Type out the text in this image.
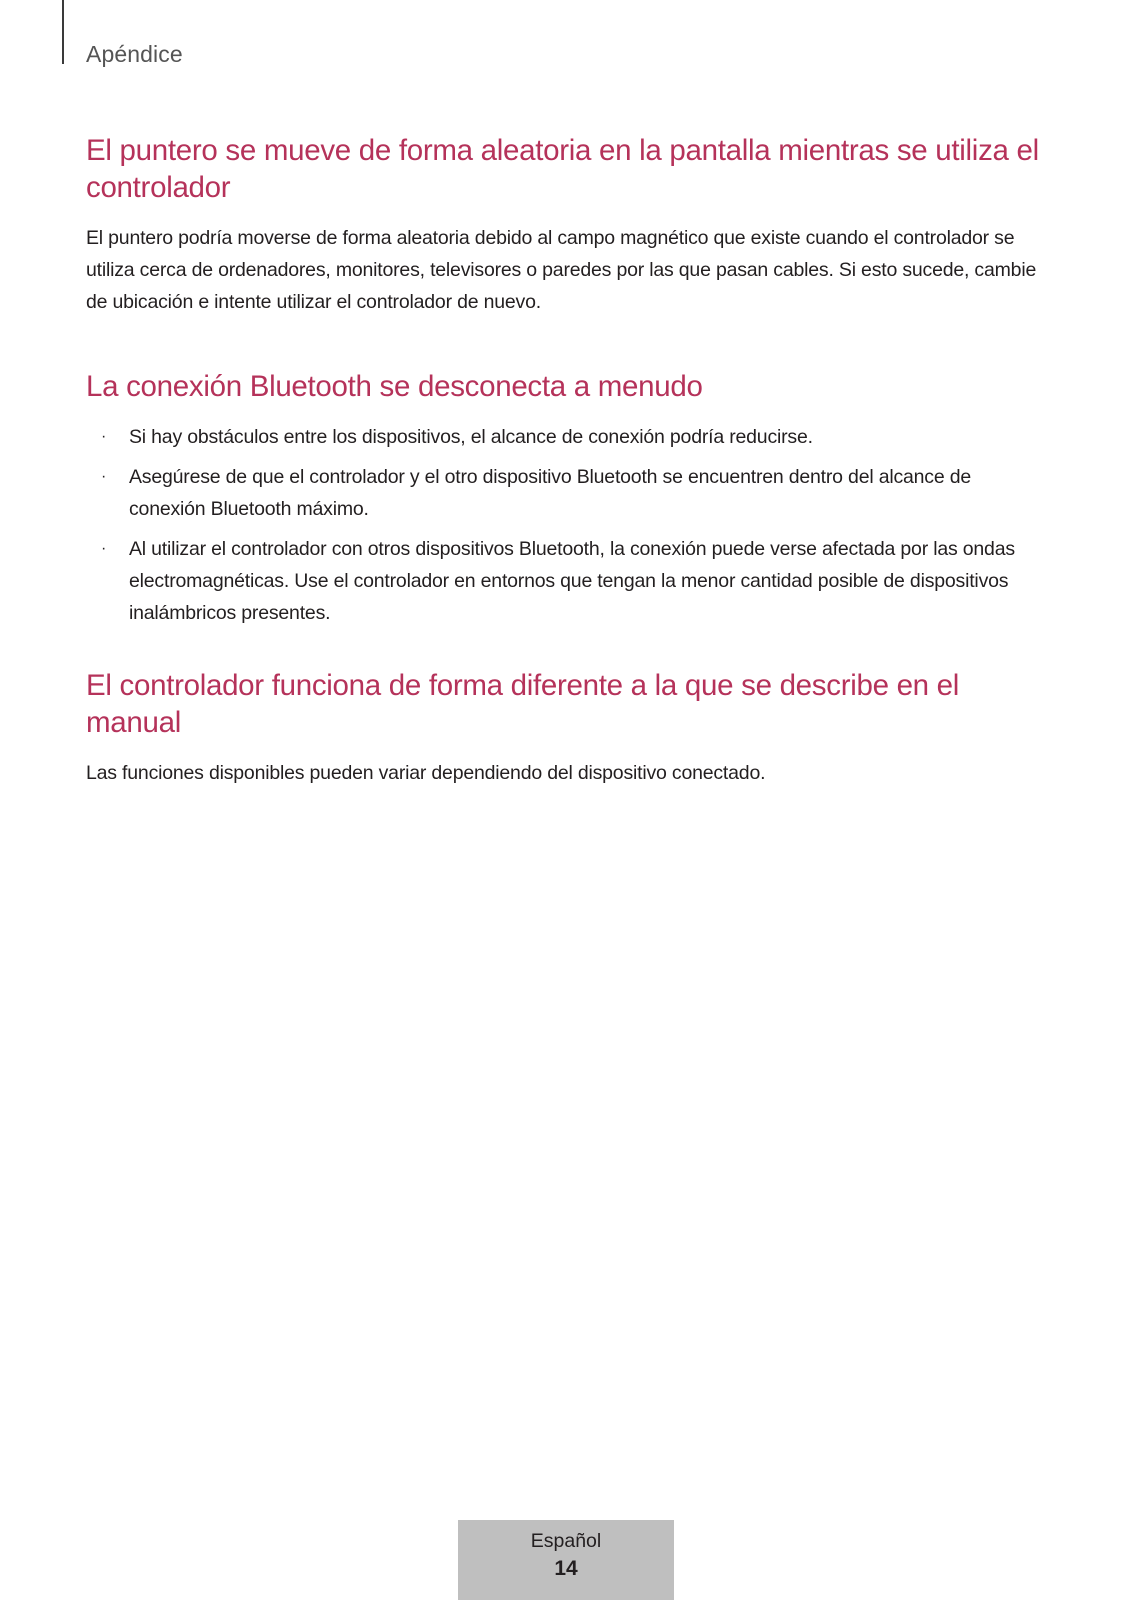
Apéndice
El puntero se mueve de forma aleatoria en la pantalla mientras se utiliza el controlador

El puntero podría moverse de forma aleatoria debido al campo magnético que existe cuando el controlador se utiliza cerca de ordenadores, monitores, televisores o paredes por las que pasan cables. Si esto sucede, cambie de ubicación e intente utilizar el controlador de nuevo.

La conexión Bluetooth se desconecta a menudo
· Si hay obstáculos entre los dispositivos, el alcance de conexión podría reducirse.
· Asegúrese de que el controlador y el otro dispositivo Bluetooth se encuentren dentro del alcance de conexión Bluetooth máximo.
· Al utilizar el controlador con otros dispositivos Bluetooth, la conexión puede verse afectada por las ondas electromagnéticas. Use el controlador en entornos que tengan la menor cantidad posible de dispositivos inalámbricos presentes.
El controlador funciona de forma diferente a la que se describe en el manual

Las funciones disponibles pueden variar dependiendo del dispositivo conectado.

Español
14
